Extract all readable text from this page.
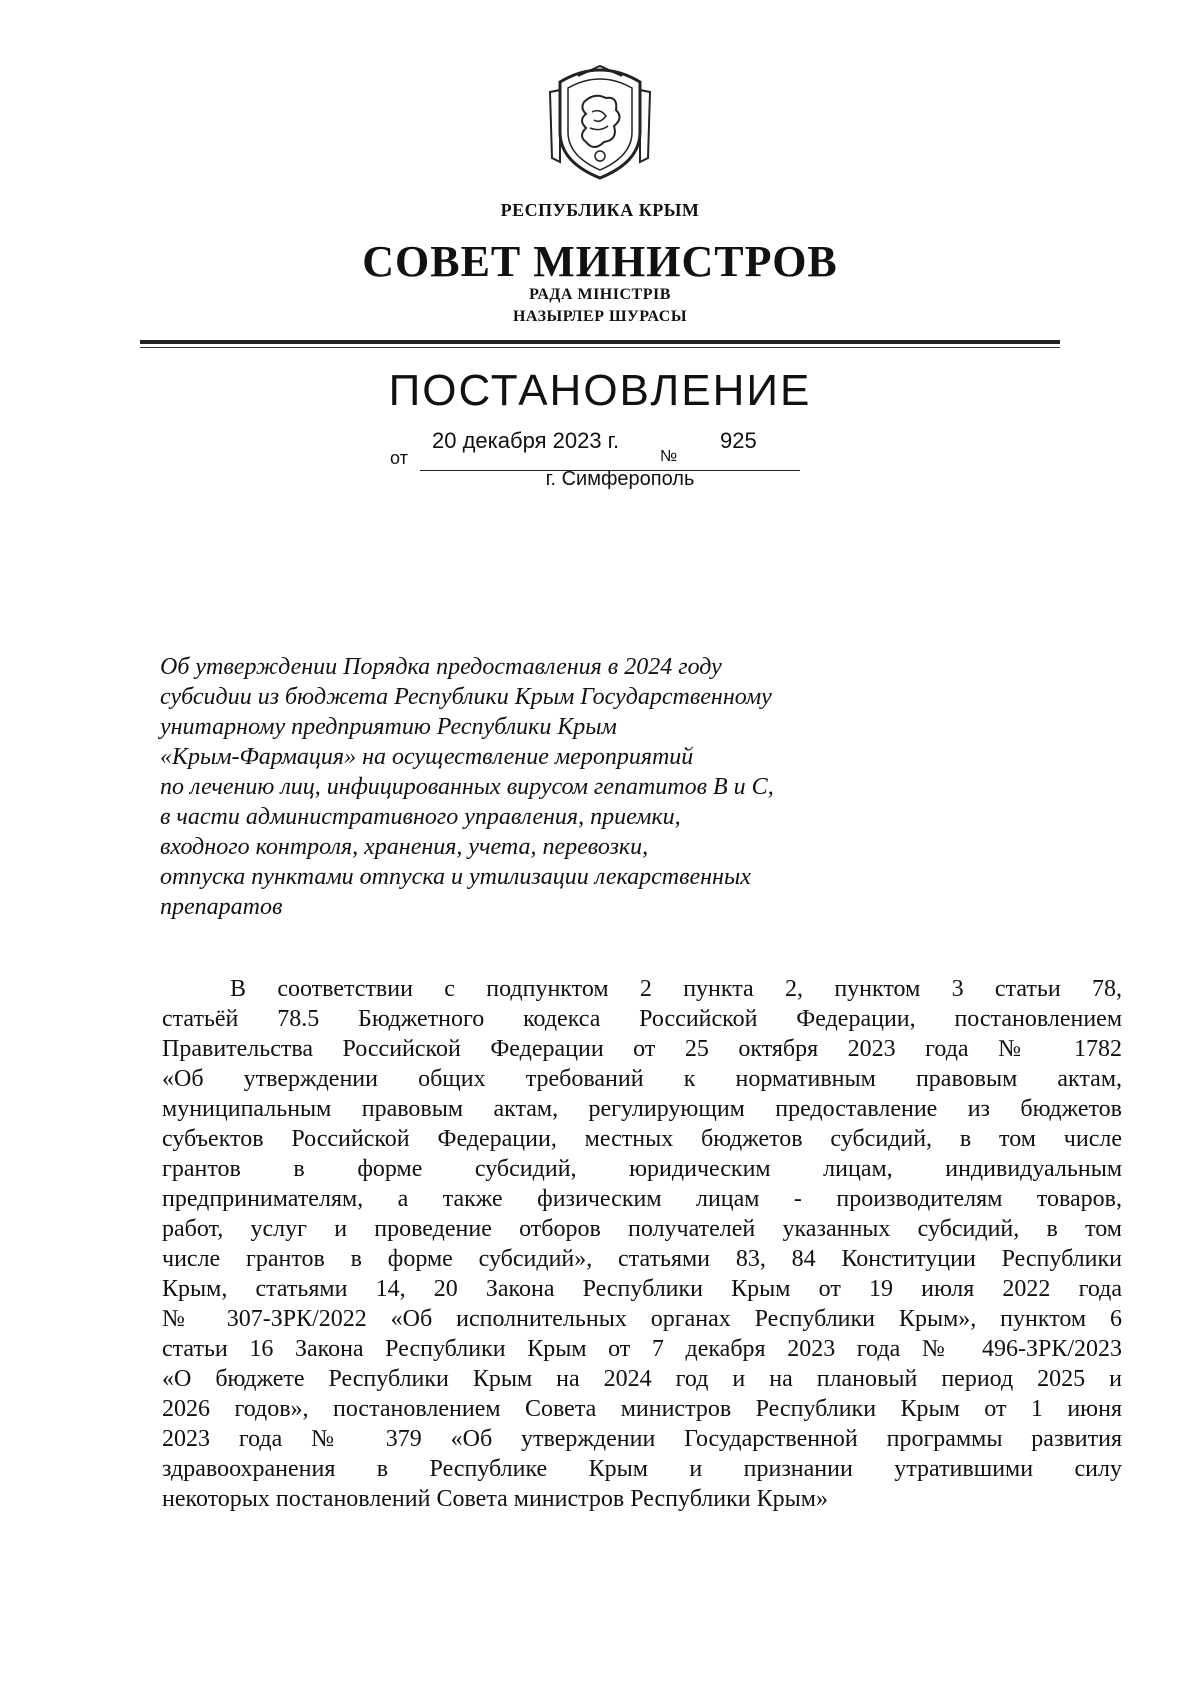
РЕСПУБЛИКА КРЫМ
СОВЕТ МИНИСТРОВ
РАДА МІНІСТРІВ
НАЗЫРЛЕР ШУРАСЫ
ПОСТАНОВЛЕНИЕ
от
20 декабря 2023 г.
№
925
г. Симферополь
Об утверждении Порядка предоставления в 2024 году
субсидии из бюджета Республики Крым Государственному
унитарному предприятию Республики Крым
«Крым-Фармация» на осуществление мероприятий
по лечению лиц, инфицированных вирусом гепатитов В и С,
в части административного управления, приемки,
входного контроля, хранения, учета, перевозки,
отпуска пунктами отпуска и утилизации лекарственных
препаратов
В соответствии с подпунктом 2 пункта 2, пунктом 3 статьи 78,
статьёй 78.5 Бюджетного кодекса Российской Федерации, постановлением
Правительства Российской Федерации от 25 октября 2023 года № 1782
«Об утверждении общих требований к нормативным правовым актам,
муниципальным правовым актам, регулирующим предоставление из бюджетов
субъектов Российской Федерации, местных бюджетов субсидий, в том числе
грантов в форме субсидий, юридическим лицам, индивидуальным
предпринимателям, а также физическим лицам - производителям товаров,
работ, услуг и проведение отборов получателей указанных субсидий, в том
числе грантов в форме субсидий», статьями 83, 84 Конституции Республики
Крым, статьями 14, 20 Закона Республики Крым от 19 июля 2022 года
№ 307-ЗРК/2022 «Об исполнительных органах Республики Крым», пунктом 6
статьи 16 Закона Республики Крым от 7 декабря 2023 года № 496-ЗРК/2023
«О бюджете Республики Крым на 2024 год и на плановый период 2025 и
2026 годов», постановлением Совета министров Республики Крым от 1 июня
2023 года № 379 «Об утверждении Государственной программы развития
здравоохранения в Республике Крым и признании утратившими силу
некоторых постановлений Совета министров Республики Крым»
